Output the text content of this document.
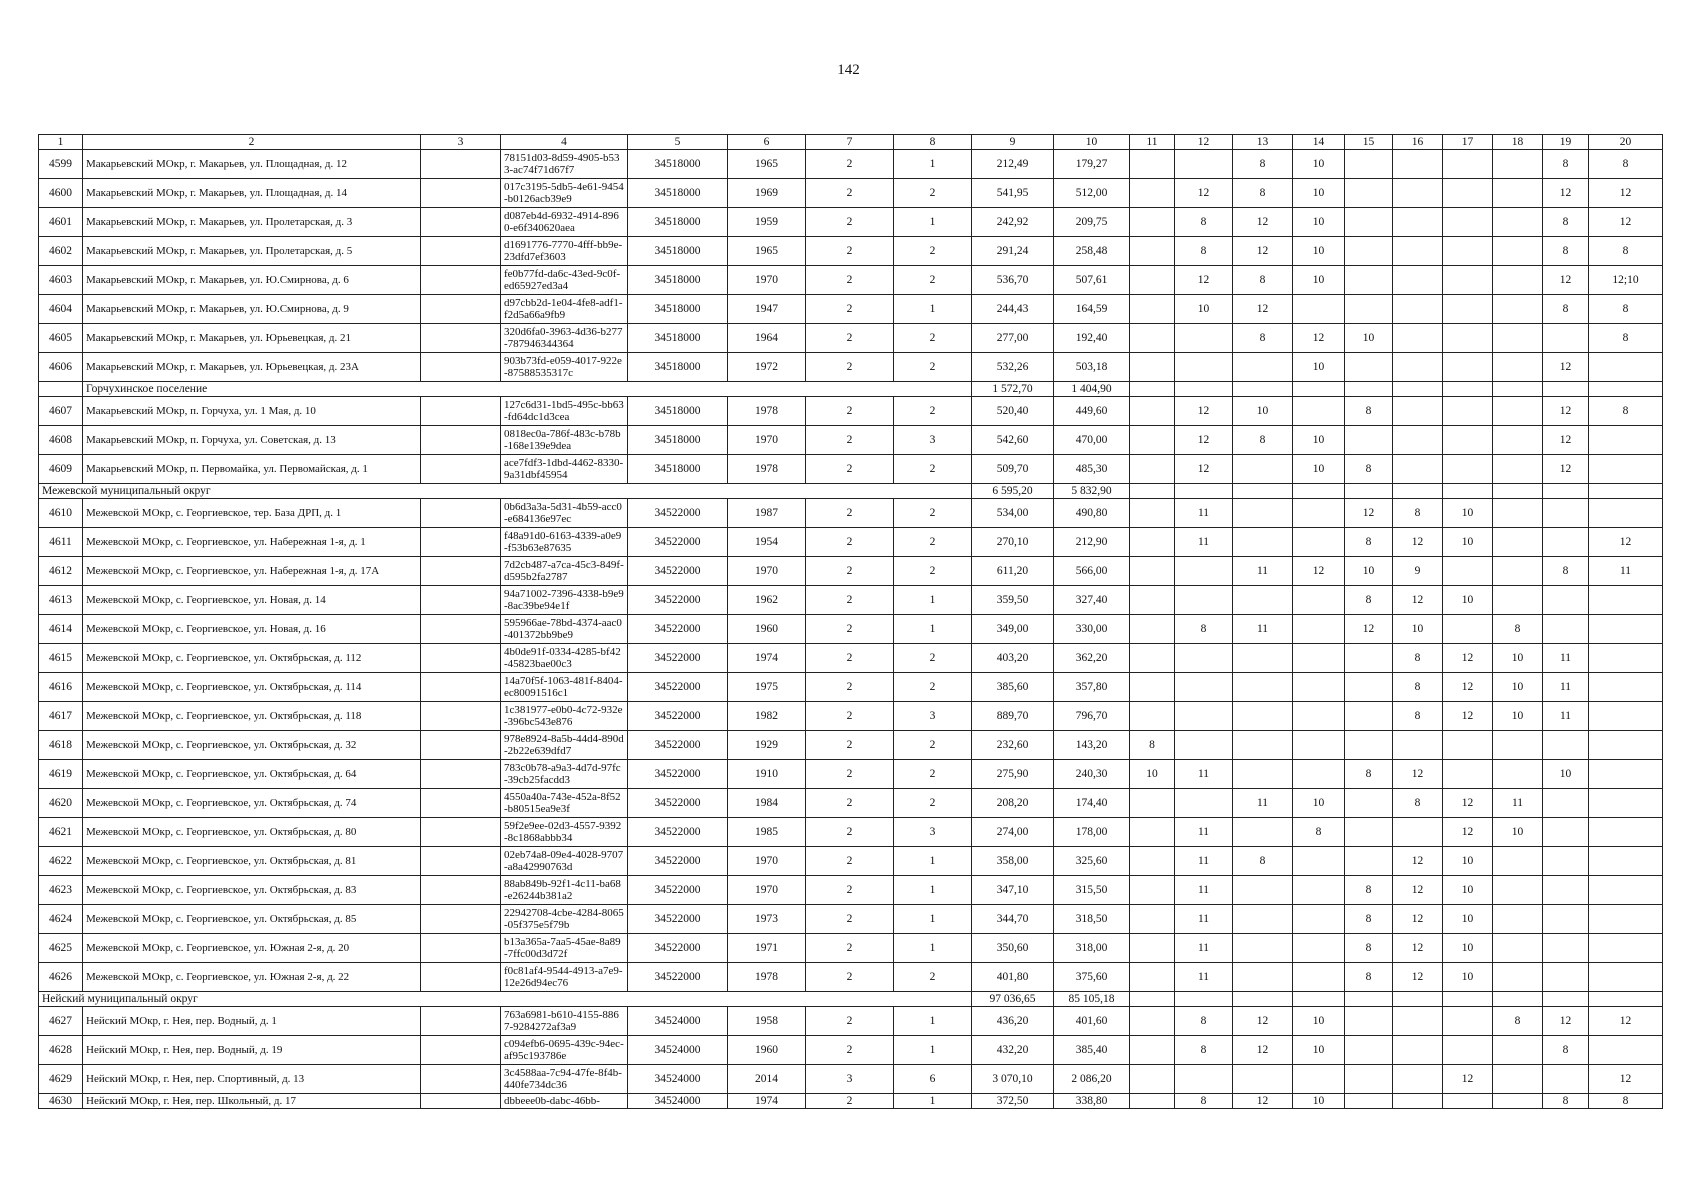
142
1	2	3	4	5	6	7	8	9	10	11	12	13	14	15	16	17	18	19	20
4599	Макарьевский МОкр, г. Макарьев, ул. Площадная, д. 12		78151d03-8d59-4905-b533-ac74f71d67f7	34518000	1965	2	1	212,49	179,27			8	10					8	8
4600	Макарьевский МОкр, г. Макарьев, ул. Площадная, д. 14		017c3195-5db5-4e61-9454-b0126acb39e9	34518000	1969	2	2	541,95	512,00		12	8	10					12	12
4601	Макарьевский МОкр, г. Макарьев, ул. Пролетарская, д. 3		d087eb4d-6932-4914-8960-e6f340620aea	34518000	1959	2	1	242,92	209,75		8	12	10					8	12
4602	Макарьевский МОкр, г. Макарьев, ул. Пролетарская, д. 5		d1691776-7770-4fff-bb9e-23dfd7ef3603	34518000	1965	2	2	291,24	258,48		8	12	10					8	8
4603	Макарьевский МОкр, г. Макарьев, ул. Ю.Смирнова, д. 6		fe0b77fd-da6c-43ed-9c0f-ed65927ed3a4	34518000	1970	2	2	536,70	507,61		12	8	10					12	12;10
4604	Макарьевский МОкр, г. Макарьев, ул. Ю.Смирнова, д. 9		d97cbb2d-1e04-4fe8-adf1-f2d5a66a9fb9	34518000	1947	2	1	244,43	164,59		10	12						8	8
4605	Макарьевский МОкр, г. Макарьев, ул. Юрьевецкая, д. 21		320d6fa0-3963-4d36-b277-787946344364	34518000	1964	2	2	277,00	192,40			8	12	10					8
4606	Макарьевский МОкр, г. Макарьев, ул. Юрьевецкая, д. 23А		903b73fd-e059-4017-922e-87588535317c	34518000	1972	2	2	532,26	503,18				10					12	
	Горчухинское поселение							1 572,70	1 404,90										
4607	Макарьевский МОкр, п. Горчуха, ул. 1 Мая, д. 10		127c6d31-1bd5-495c-bb63-fd64dc1d3cea	34518000	1978	2	2	520,40	449,60		12	10		8				12	8
4608	Макарьевский МОкр, п. Горчуха, ул. Советская, д. 13		0818ec0a-786f-483c-b78b-168e139e9dea	34518000	1970	2	3	542,60	470,00		12	8	10					12	
4609	Макарьевский МОкр, п. Первомайка, ул. Первомайская, д. 1		ace7fdf3-1dbd-4462-8330-9a31dbf45954	34518000	1978	2	2	509,70	485,30		12		10	8				12	
Межевской муниципальный округ								6 595,20	5 832,90										
4610	Межевской МОкр, с. Георгиевское, тер. База ДРП, д. 1		0b6d3a3a-5d31-4b59-acc0-e684136e97ec	34522000	1987	2	2	534,00	490,80		11			12	8	10			
4611	Межевской МОкр, с. Георгиевское, ул. Набережная 1-я, д. 1		f48a91d0-6163-4339-a0e9-f53b63e87635	34522000	1954	2	2	270,10	212,90		11			8	12	10			12
4612	Межевской МОкр, с. Георгиевское, ул. Набережная 1-я, д. 17А		7d2cb487-a7ca-45c3-849f-d595b2fa2787	34522000	1970	2	2	611,20	566,00			11	12	10	9			8	11
4613	Межевской МОкр, с. Георгиевское, ул. Новая, д. 14		94a71002-7396-4338-b9e9-8ac39be94e1f	34522000	1962	2	1	359,50	327,40					8	12	10			
4614	Межевской МОкр, с. Георгиевское, ул. Новая, д. 16		595966ae-78bd-4374-aac0-401372bb9be9	34522000	1960	2	1	349,00	330,00		8	11		12	10		8		
4615	Межевской МОкр, с. Георгиевское, ул. Октябрьская, д. 112		4b0de91f-0334-4285-bf42-45823bae00c3	34522000	1974	2	2	403,20	362,20						8	12	10	11	
4616	Межевской МОкр, с. Георгиевское, ул. Октябрьская, д. 114		14a70f5f-1063-481f-8404-ec80091516c1	34522000	1975	2	2	385,60	357,80						8	12	10	11	
4617	Межевской МОкр, с. Георгиевское, ул. Октябрьская, д. 118		1c381977-e0b0-4c72-932e-396bc543e876	34522000	1982	2	3	889,70	796,70						8	12	10	11	
4618	Межевской МОкр, с. Георгиевское, ул. Октябрьская, д. 32		978e8924-8a5b-44d4-890d-2b22e639dfd7	34522000	1929	2	2	232,60	143,20	8									
4619	Межевской МОкр, с. Георгиевское, ул. Октябрьская, д. 64		783c0b78-a9a3-4d7d-97fc-39cb25facdd3	34522000	1910	2	2	275,90	240,30	10	11			8	12			10	
4620	Межевской МОкр, с. Георгиевское, ул. Октябрьская, д. 74		4550a40a-743e-452a-8f52-b80515ea9e3f	34522000	1984	2	2	208,20	174,40			11	10		8	12	11		
4621	Межевской МОкр, с. Георгиевское, ул. Октябрьская, д. 80		59f2e9ee-02d3-4557-9392-8c1868abbb34	34522000	1985	2	3	274,00	178,00		11		8			12	10		
4622	Межевской МОкр, с. Георгиевское, ул. Октябрьская, д. 81		02eb74a8-09e4-4028-9707-a8a42990763d	34522000	1970	2	1	358,00	325,60		11	8			12	10			
4623	Межевской МОкр, с. Георгиевское, ул. Октябрьская, д. 83		88ab849b-92f1-4c11-ba68-e26244b381a2	34522000	1970	2	1	347,10	315,50		11			8	12	10			
4624	Межевской МОкр, с. Георгиевское, ул. Октябрьская, д. 85		22942708-4cbe-4284-8065-05f375e5f79b	34522000	1973	2	1	344,70	318,50		11			8	12	10			
4625	Межевской МОкр, с. Георгиевское, ул. Южная 2-я, д. 20		b13a365a-7aa5-45ae-8a89-7ffc00d3d72f	34522000	1971	2	1	350,60	318,00		11			8	12	10			
4626	Межевской МОкр, с. Георгиевское, ул. Южная 2-я, д. 22		f0c81af4-9544-4913-a7e9-12e26d94ec76	34522000	1978	2	2	401,80	375,60		11			8	12	10			
Нейский муниципальный округ								97 036,65	85 105,18										
4627	Нейский МОкр, г. Нея, пер. Водный, д. 1		763a6981-b610-4155-8867-9284272af3a9	34524000	1958	2	1	436,20	401,60		8	12	10				8	12	12
4628	Нейский МОкр, г. Нея, пер. Водный, д. 19		c094efb6-0695-439c-94ec-af95c193786e	34524000	1960	2	1	432,20	385,40		8	12	10					8	
4629	Нейский МОкр, г. Нея, пер. Спортивный, д. 13		3c4588aa-7c94-47fe-8f4b-440fe734dc36	34524000	2014	3	6	3 070,10	2 086,20							12			12
4630	Нейский МОкр, г. Нея, пер. Школьный, д. 17		dbbeee0b-dabc-46bb-	34524000	1974	2	1	372,50	338,80		8	12	10					8	8
